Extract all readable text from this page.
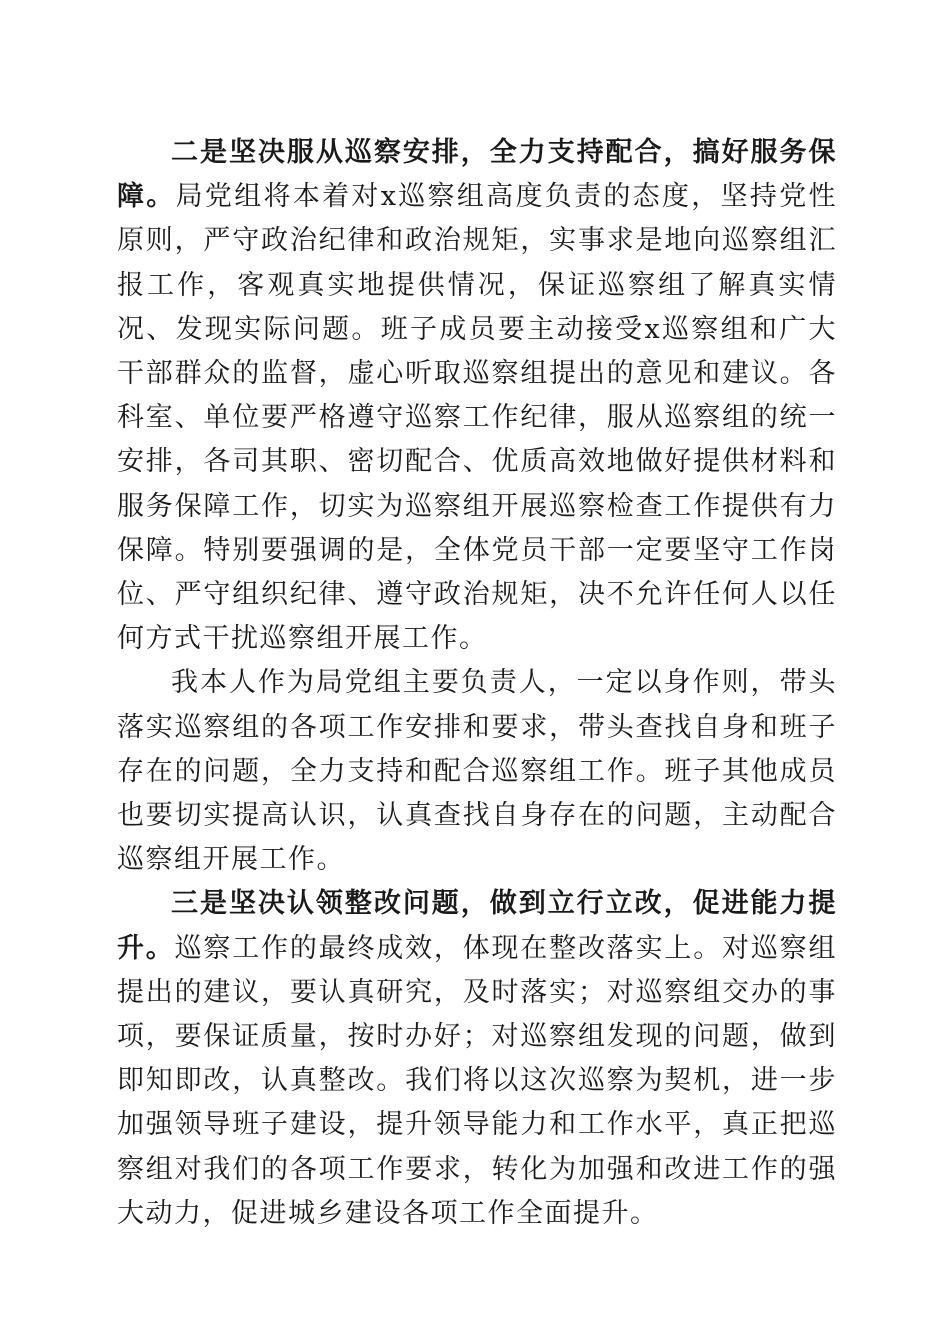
二是坚决服从巡察安排，全力支持配合，搞好服务保障。局党组将本着对x巡察组高度负责的态度，坚持党性原则，严守政治纪律和政治规矩，实事求是地向巡察组汇报工作，客观真实地提供情况，保证巡察组了解真实情况、发现实际问题。班子成员要主动接受x巡察组和广大干部群众的监督，虚心听取巡察组提出的意见和建议。各科室、单位要严格遵守巡察工作纪律，服从巡察组的统一安排，各司其职、密切配合、优质高效地做好提供材料和服务保障工作，切实为巡察组开展巡察检查工作提供有力保障。特别要强调的是，全体党员干部一定要坚守工作岗位、严守组织纪律、遵守政治规矩，决不允许任何人以任何方式干扰巡察组开展工作。

我本人作为局党组主要负责人，一定以身作则，带头落实巡察组的各项工作安排和要求，带头查找自身和班子存在的问题，全力支持和配合巡察组工作。班子其他成员也要切实提高认识，认真查找自身存在的问题，主动配合巡察组开展工作。

三是坚决认领整改问题，做到立行立改，促进能力提升。巡察工作的最终成效，体现在整改落实上。对巡察组提出的建议，要认真研究，及时落实；对巡察组交办的事项，要保证质量，按时办好；对巡察组发现的问题，做到即知即改，认真整改。我们将以这次巡察为契机，进一步加强领导班子建设，提升领导能力和工作水平，真正把巡察组对我们的各项工作要求，转化为加强和改进工作的强大动力，促进城乡建设各项工作全面提升。
